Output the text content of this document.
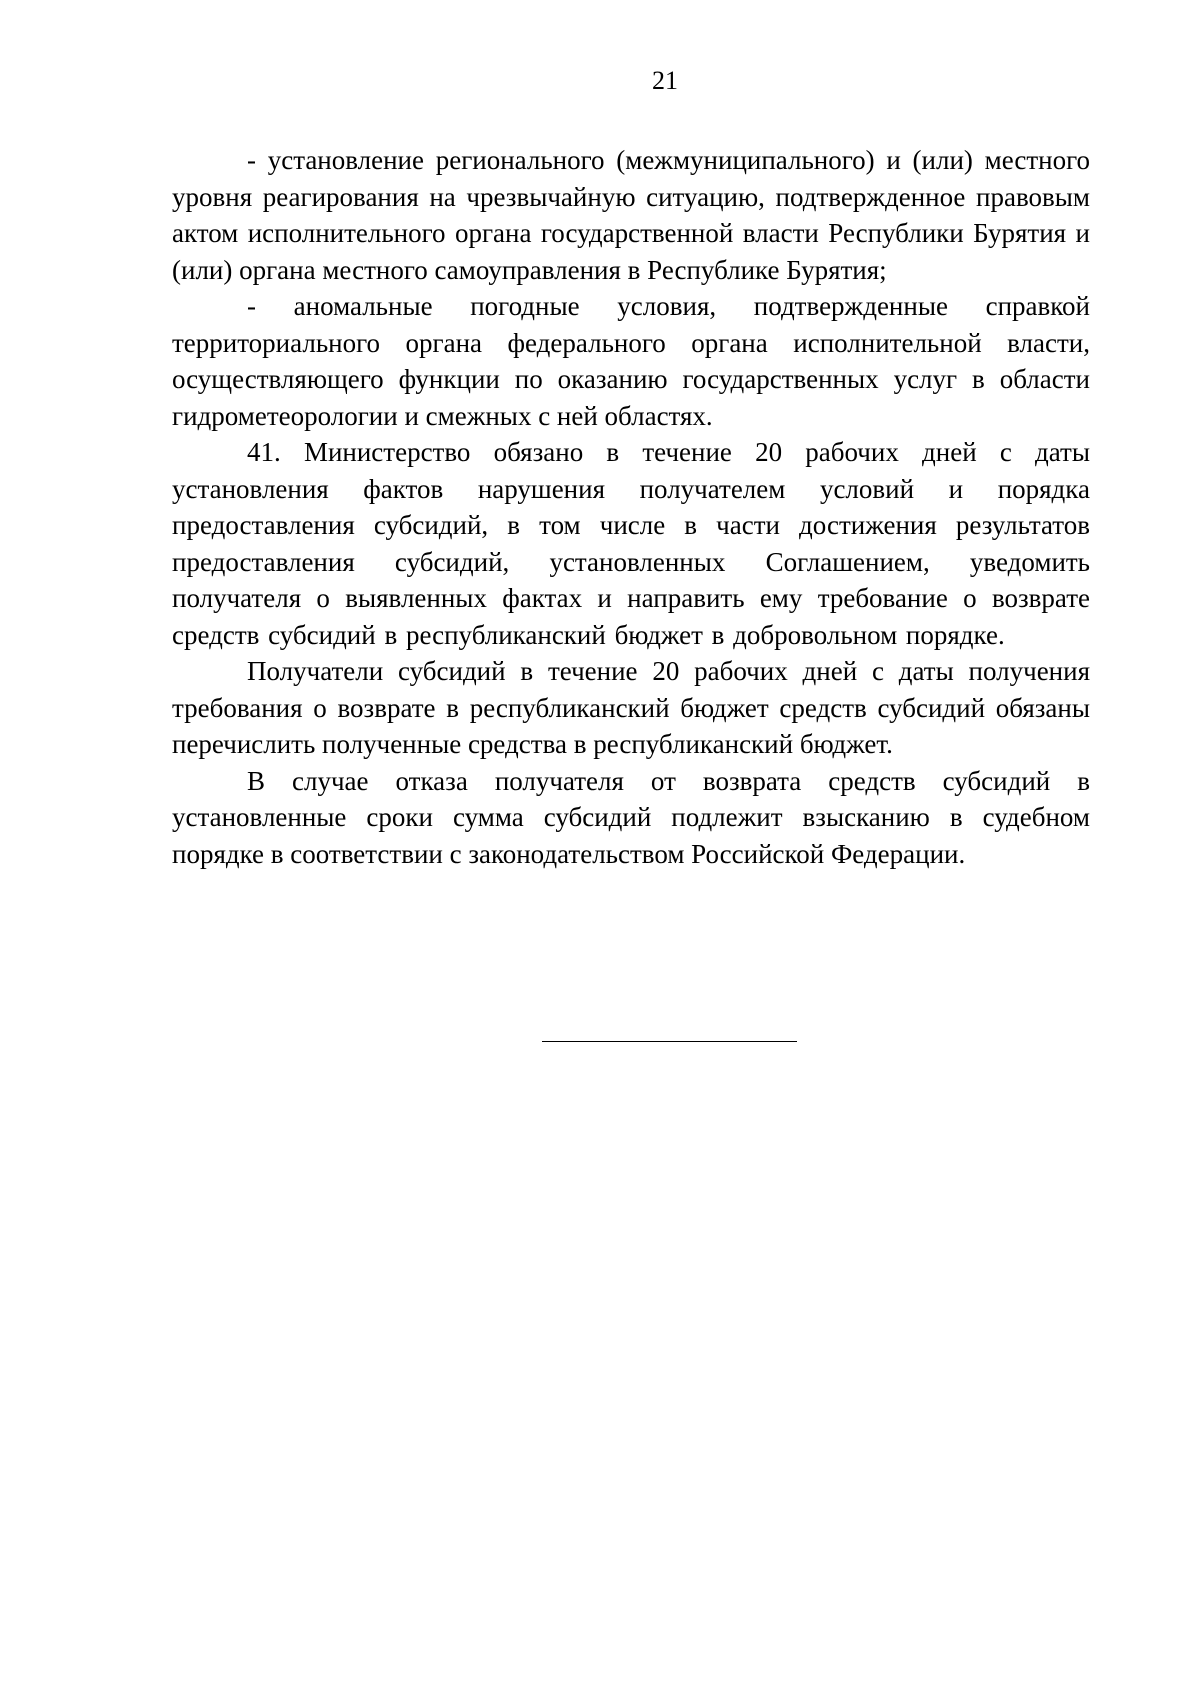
21

- установление регионального (межмуниципального) и (или) местного уровня реагирования на чрезвычайную ситуацию, подтвержденное правовым актом исполнительного органа государственной власти Республики Бурятия и (или) органа местного самоуправления в Республике Бурятия;

- аномальные погодные условия, подтвержденные справкой территориального органа федерального органа исполнительной власти, осуществляющего функции по оказанию государственных услуг в области гидрометеорологии и смежных с ней областях.

41. Министерство обязано в течение 20 рабочих дней с даты установления фактов нарушения получателем условий и порядка предоставления субсидий, в том числе в части достижения результатов предоставления субсидий, установленных Соглашением, уведомить получателя о выявленных фактах и направить ему требование о возврате средств субсидий в республиканский бюджет в добровольном порядке.

Получатели субсидий в течение 20 рабочих дней с даты получения требования о возврате в республиканский бюджет средств субсидий обязаны перечислить полученные средства в республиканский бюджет.

В случае отказа получателя от возврата средств субсидий в установленные сроки сумма субсидий подлежит взысканию в судебном порядке в соответствии с законодательством Российской Федерации.
